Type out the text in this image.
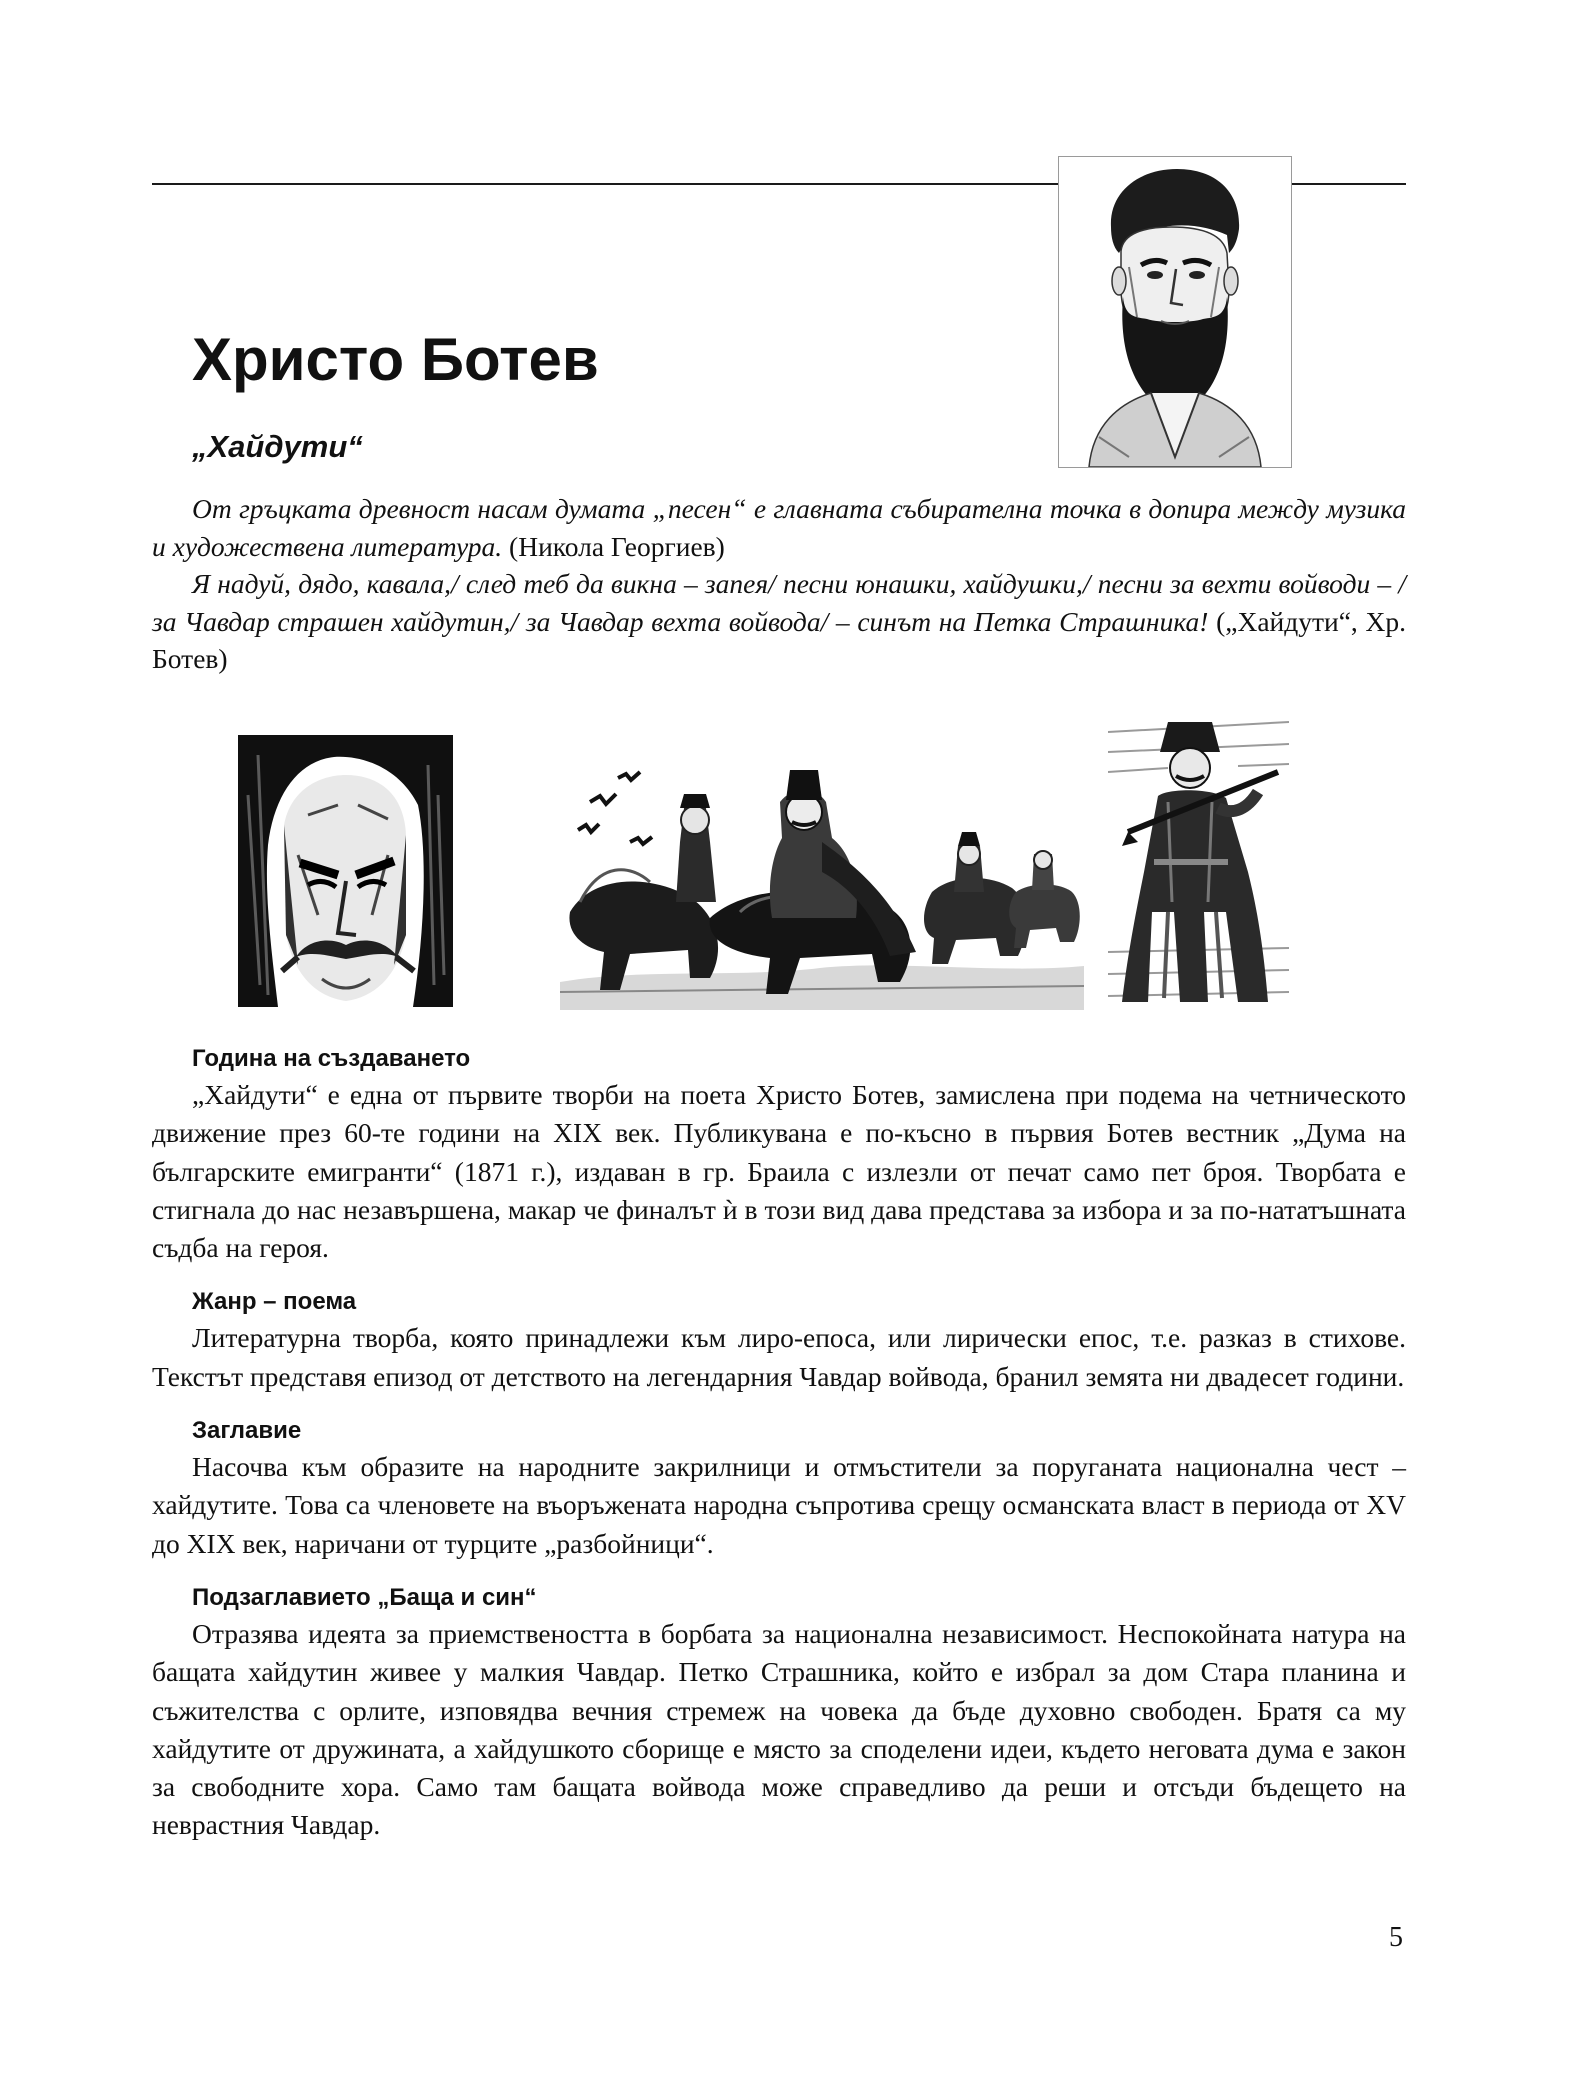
Христо Ботев
„Хайдути“

От гръцката древност насам думата „песен“ е главната събирателна точка в допира между музика и художествена литература. (Никола Георгиев)

Я надуй, дядо, кавала,/ след теб да викна – запея/ песни юнашки, хайдушки,/ песни за вехти войводи – / за Чавдар страшен хайдутин,/ за Чавдар вехта войвода/ – синът на Петка Страшника! („Хайдути“, Хр. Ботев)

Година на създаването

„Хайдути“ е една от първите творби на поета Христо Ботев, замислена при подема на четническото движение през 60-те години на XIX век. Публикувана е по-късно в първия Ботев вестник „Дума на българските емигранти“ (1871 г.), издаван в гр. Браила с излезли от печат само пет броя. Творбата е стигнала до нас незавършена, макар че финалът ѝ в този вид дава представа за избора и за по-нататъшната съдба на героя.

Жанр – поема

Литературна творба, която принадлежи към лиро-епоса, или лирически епос, т.е. разказ в стихове. Текстът представя епизод от детството на легендарния Чавдар войвода, бранил земята ни двадесет години.

Заглавие

Насочва към образите на народните закрилници и отмъстители за поруганата национална чест – хайдутите. Това са членовете на въоръжената народна съпротива срещу османската власт в периода от XV до XIX век, наричани от турците „разбойници“.

Подзаглавието „Баща и син“

Отразява идеята за приемствеността в борбата за национална независимост. Неспокойната натура на бащата хайдутин живее у малкия Чавдар. Петко Страшника, който е избрал за дом Стара планина и съжителства с орлите, изповядва вечния стремеж на човека да бъде духовно свободен. Братя са му хайдутите от дружината, а хайдушкото сборище е място за споделени идеи, където неговата дума е закон за свободните хора. Само там бащата войвода може справедливо да реши и отсъди бъдещето на неврастния Чавдар.

5
